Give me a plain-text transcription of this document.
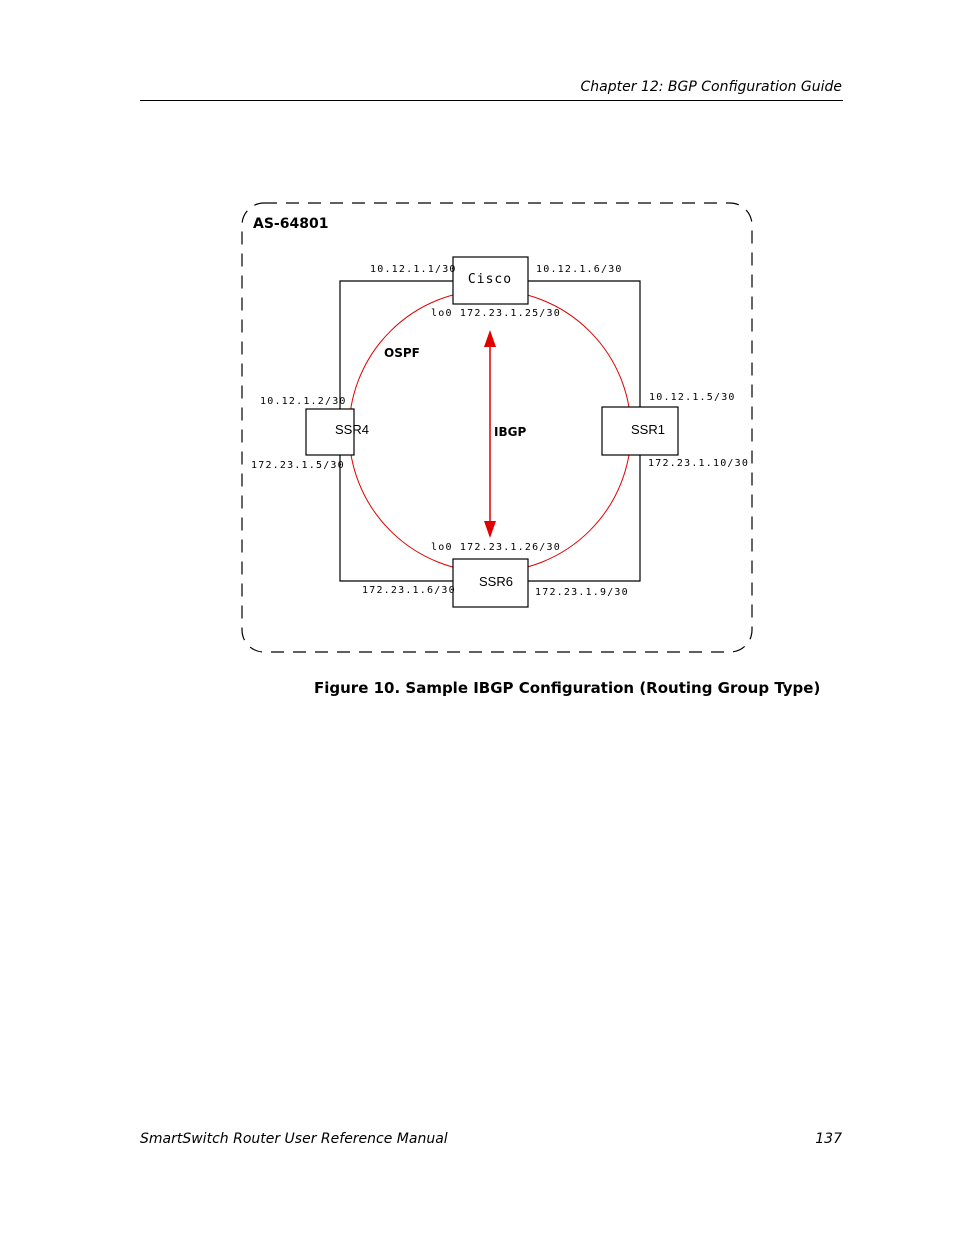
Chapter 12: BGP Configuration Guide
AS-64801
OSPF
IBGP
Cisco
SSR4	SSR1
SSR6
10.12.1.1/30	10.12.1.6/30
lo0 172.23.1.25/30
10.12.1.2/30
172.23.1.5/30
10.12.1.5/30
172.23.1.10/30
lo0 172.23.1.26/30
172.23.1.6/30	172.23.1.9/30
Figure 10. Sample IBGP Configuration (Routing Group Type)
SmartSwitch Router User Reference Manual	137
